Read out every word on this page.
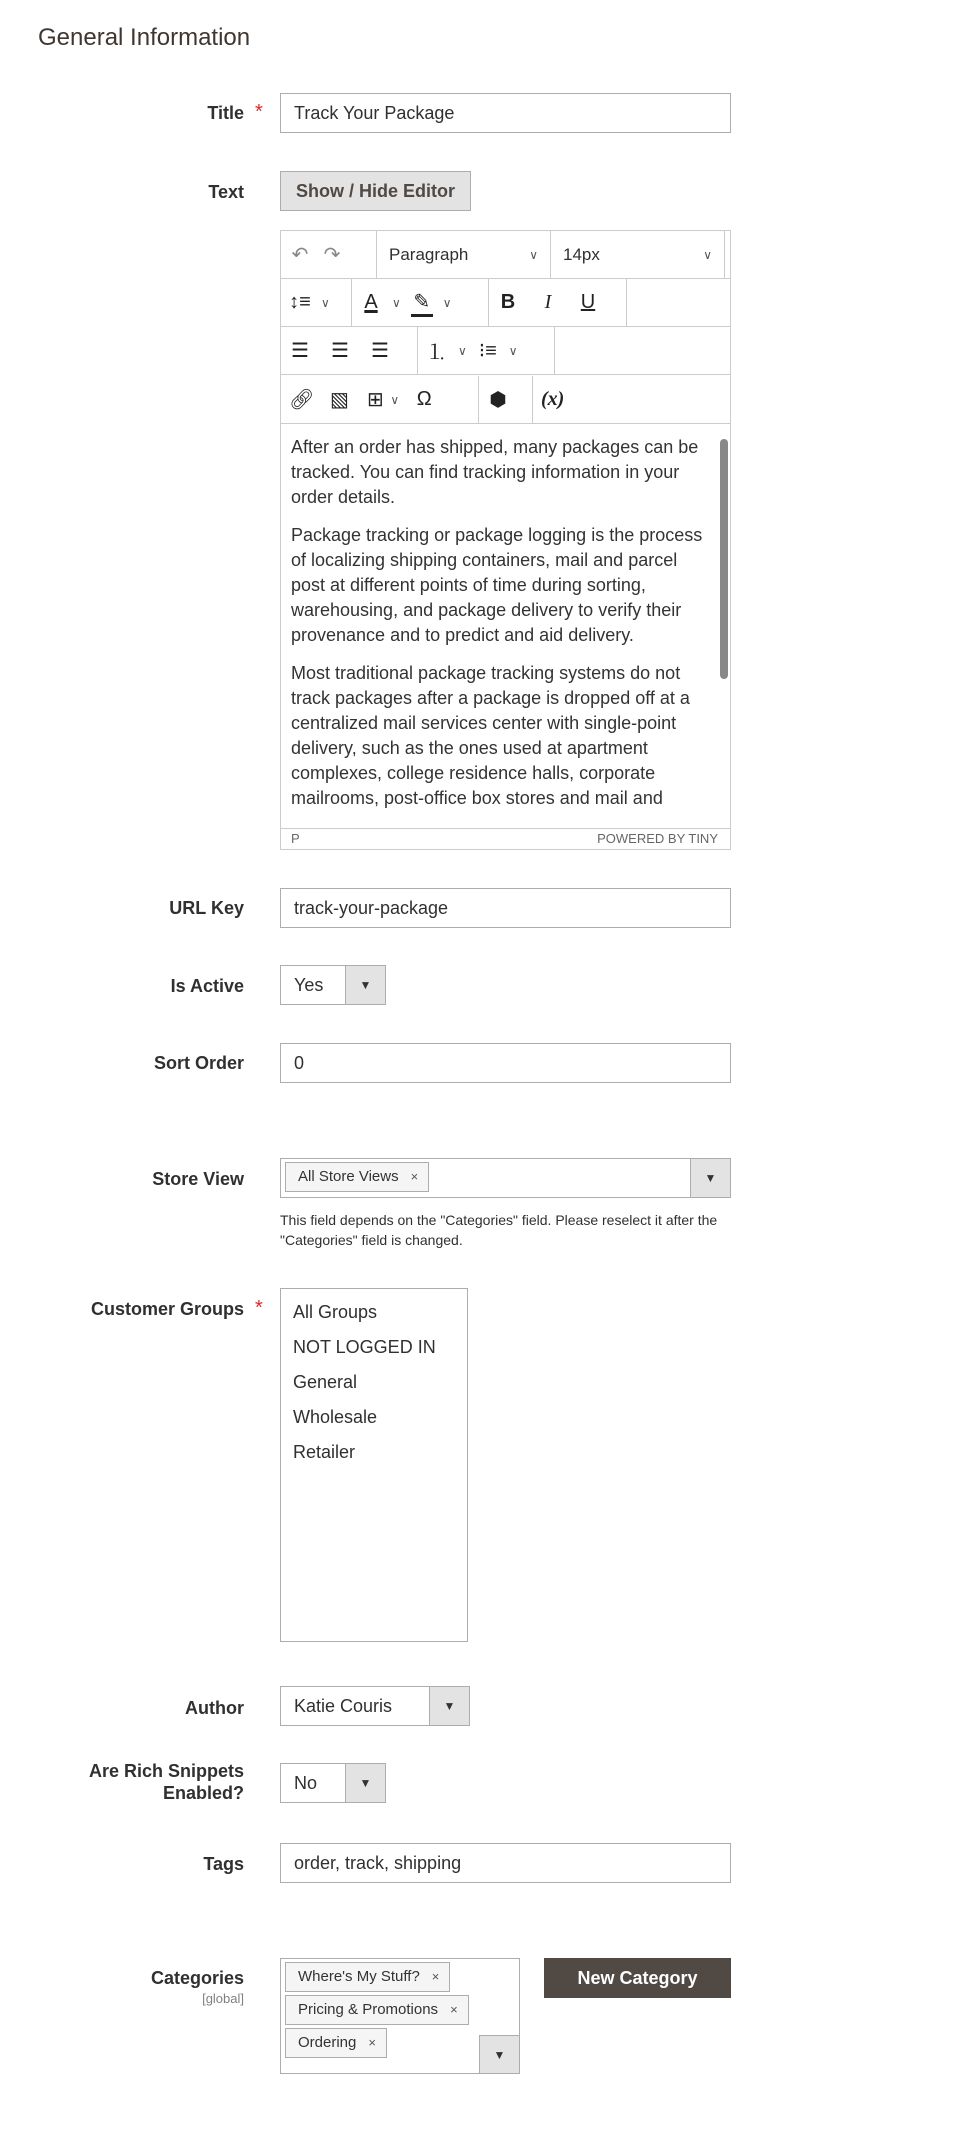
General Information
Title *	Track Your Package
Text	Show / Hide Editor
↶ ↷	Paragraph	∨ 14px	∨
↕≡ ∨ A	∨ ✎ ∨ B	I	U
☰ ☰ ☰ ⒈ ∨ ⁝≡ ∨
🔗︎ ▧ ⊞ ∨ Ω	⬢ (x)

After an order has shipped, many packages can be tracked. You can find tracking information in your order details.

Package tracking or package logging is the process of localizing shipping containers, mail and parcel post at different points of time during sorting, warehousing, and package delivery to verify their provenance and to predict and aid delivery.

Most traditional package tracking systems do not track packages after a package is dropped off at a centralized mail services center with single-point delivery, such as the ones used at apartment complexes, college residence halls, corporate mailrooms, post-office box stores and mail and

P	POWERED BY TINY
URL Key	track-your-package
Is Active	Yes	▼
Sort Order	0
Store View	All Store Views ×	▼
This field depends on the "Categories" field. Please reselect it after the "Categories" field is changed.
Customer Groups * All Groups
NOT LOGGED IN
General
Wholesale
Retailer
Author	Katie Couris	▼
Are Rich Snippets
Enabled?	No	▼
Tags	order, track, shipping
Categories
[global]
Where's My Stuff? ×
Pricing & Promotions ×
Ordering ×
▼
New Category
